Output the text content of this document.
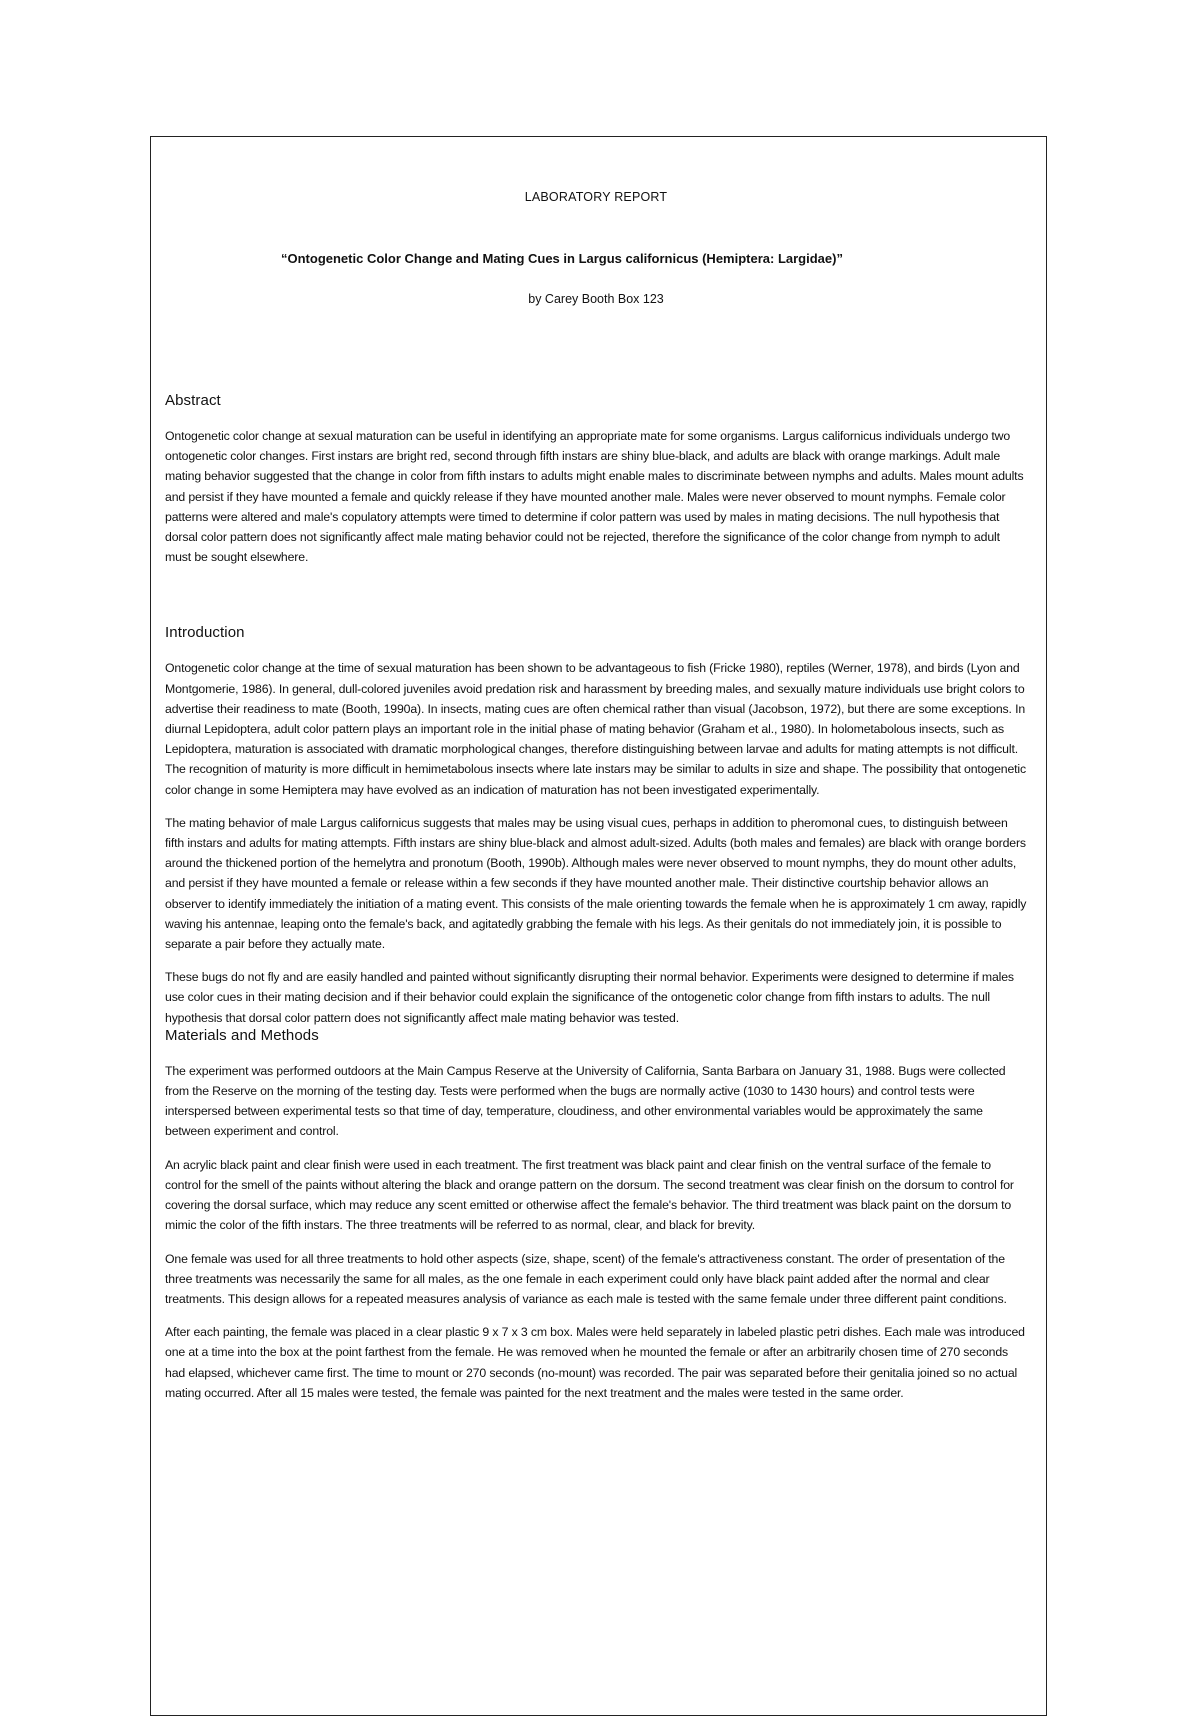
LABORATORY REPORT
“Ontogenetic Color Change and Mating Cues in Largus californicus (Hemiptera: Largidae)”
by Carey Booth Box 123
Abstract

Ontogenetic color change at sexual maturation can be useful in identifying an appropriate mate for some organisms. Largus californicus individuals undergo two ontogenetic color changes. First instars are bright red, second through fifth instars are shiny blue-black, and adults are black with orange markings. Adult male mating behavior suggested that the change in color from fifth instars to adults might enable males to discriminate between nymphs and adults. Males mount adults and persist if they have mounted a female and quickly release if they have mounted another male. Males were never observed to mount nymphs. Female color patterns were altered and male's copulatory attempts were timed to determine if color pattern was used by males in mating decisions. The null hypothesis that dorsal color pattern does not significantly affect male mating behavior could not be rejected, therefore the significance of the color change from nymph to adult must be sought elsewhere.

Introduction

Ontogenetic color change at the time of sexual maturation has been shown to be advantageous to fish (Fricke 1980), reptiles (Werner, 1978), and birds (Lyon and Montgomerie, 1986). In general, dull-colored juveniles avoid predation risk and harassment by breeding males, and sexually mature individuals use bright colors to advertise their readiness to mate (Booth, 1990a). In insects, mating cues are often chemical rather than visual (Jacobson, 1972), but there are some exceptions. In diurnal Lepidoptera, adult color pattern plays an important role in the initial phase of mating behavior (Graham et al., 1980). In holometabolous insects, such as Lepidoptera, maturation is associated with dramatic morphological changes, therefore distinguishing between larvae and adults for mating attempts is not difficult. The recognition of maturity is more difficult in hemimetabolous insects where late instars may be similar to adults in size and shape. The possibility that ontogenetic color change in some Hemiptera may have evolved as an indication of maturation has not been investigated experimentally.

The mating behavior of male Largus californicus suggests that males may be using visual cues, perhaps in addition to pheromonal cues, to distinguish between fifth instars and adults for mating attempts. Fifth instars are shiny blue-black and almost adult-sized. Adults (both males and females) are black with orange borders around the thickened portion of the hemelytra and pronotum (Booth, 1990b). Although males were never observed to mount nymphs, they do mount other adults, and persist if they have mounted a female or release within a few seconds if they have mounted another male. Their distinctive courtship behavior allows an observer to identify immediately the initiation of a mating event. This consists of the male orienting towards the female when he is approximately 1 cm away, rapidly waving his antennae, leaping onto the female's back, and agitatedly grabbing the female with his legs. As their genitals do not immediately join, it is possible to separate a pair before they actually mate.

These bugs do not fly and are easily handled and painted without significantly disrupting their normal behavior. Experiments were designed to determine if males use color cues in their mating decision and if their behavior could explain the significance of the ontogenetic color change from fifth instars to adults. The null hypothesis that dorsal color pattern does not significantly affect male mating behavior was tested.

Materials and Methods

The experiment was performed outdoors at the Main Campus Reserve at the University of California, Santa Barbara on January 31, 1988. Bugs were collected from the Reserve on the morning of the testing day. Tests were performed when the bugs are normally active (1030 to 1430 hours) and control tests were interspersed between experimental tests so that time of day, temperature, cloudiness, and other environmental variables would be approximately the same between experiment and control.

An acrylic black paint and clear finish were used in each treatment. The first treatment was black paint and clear finish on the ventral surface of the female to control for the smell of the paints without altering the black and orange pattern on the dorsum. The second treatment was clear finish on the dorsum to control for covering the dorsal surface, which may reduce any scent emitted or otherwise affect the female's behavior. The third treatment was black paint on the dorsum to mimic the color of the fifth instars. The three treatments will be referred to as normal, clear, and black for brevity.

One female was used for all three treatments to hold other aspects (size, shape, scent) of the female's attractiveness constant. The order of presentation of the three treatments was necessarily the same for all males, as the one female in each experiment could only have black paint added after the normal and clear treatments. This design allows for a repeated measures analysis of variance as each male is tested with the same female under three different paint conditions.

After each painting, the female was placed in a clear plastic 9 x 7 x 3 cm box. Males were held separately in labeled plastic petri dishes. Each male was introduced one at a time into the box at the point farthest from the female. He was removed when he mounted the female or after an arbitrarily chosen time of 270 seconds had elapsed, whichever came first. The time to mount or 270 seconds (no-mount) was recorded. The pair was separated before their genitalia joined so no actual mating occurred. After all 15 males were tested, the female was painted for the next treatment and the males were tested in the same order.
